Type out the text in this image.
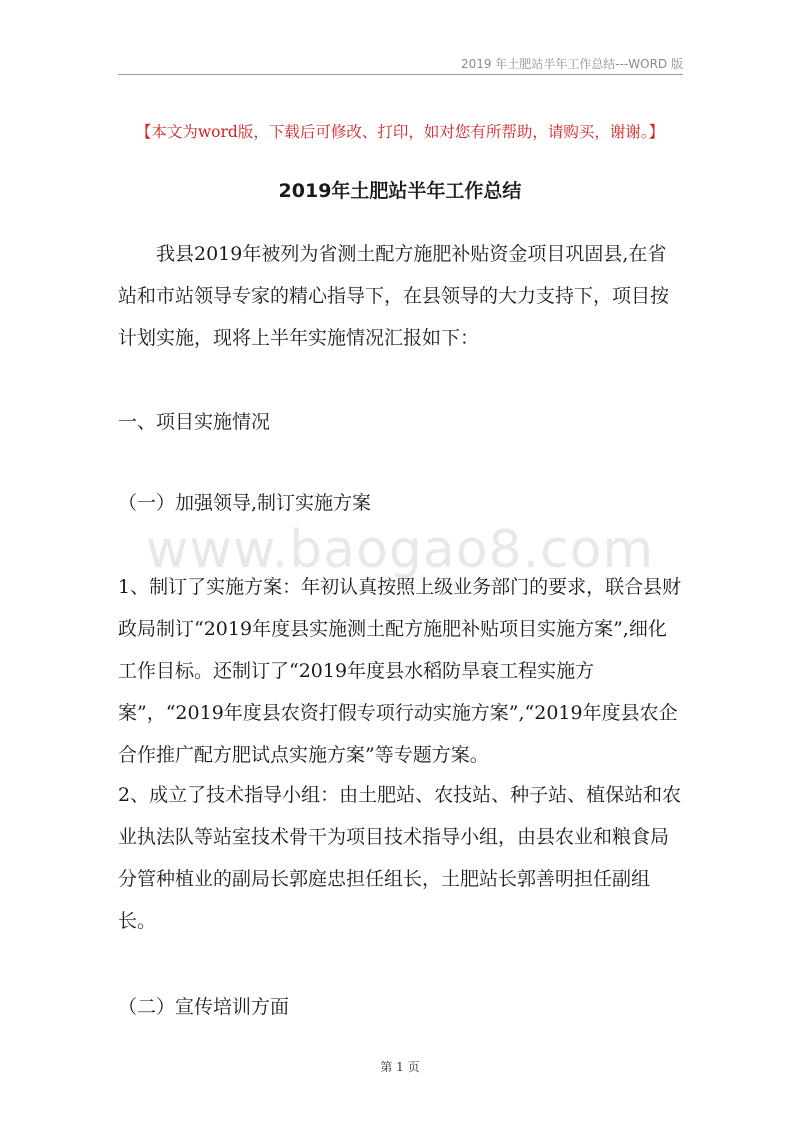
2019 年土肥站半年工作总结---WORD 版
【本文为word版，下载后可修改、打印，如对您有所帮助，请购买，谢谢。】
2019年土肥站半年工作总结

我县2019年被列为省测土配方施肥补贴资金项目巩固县,在省站和市站领导专家的精心指导下，在县领导的大力支持下，项目按计划实施，现将上半年实施情况汇报如下：

一、项目实施情况
（一）加强领导,制订实施方案
www.baogao8.com

1、制订了实施方案：年初认真按照上级业务部门的要求，联合县财政局制订“2019年度县实施测土配方施肥补贴项目实施方案”,细化工作目标。还制订了“2019年度县水稻防旱衰工程实施方案”，“2019年度县农资打假专项行动实施方案”,“2019年度县农企合作推广配方肥试点实施方案”等专题方案。

2、成立了技术指导小组：由土肥站、农技站、种子站、植保站和农业执法队等站室技术骨干为项目技术指导小组，由县农业和粮食局分管种植业的副局长郭庭忠担任组长，土肥站长郭善明担任副组长。

（二）宣传培训方面
第 1 页
